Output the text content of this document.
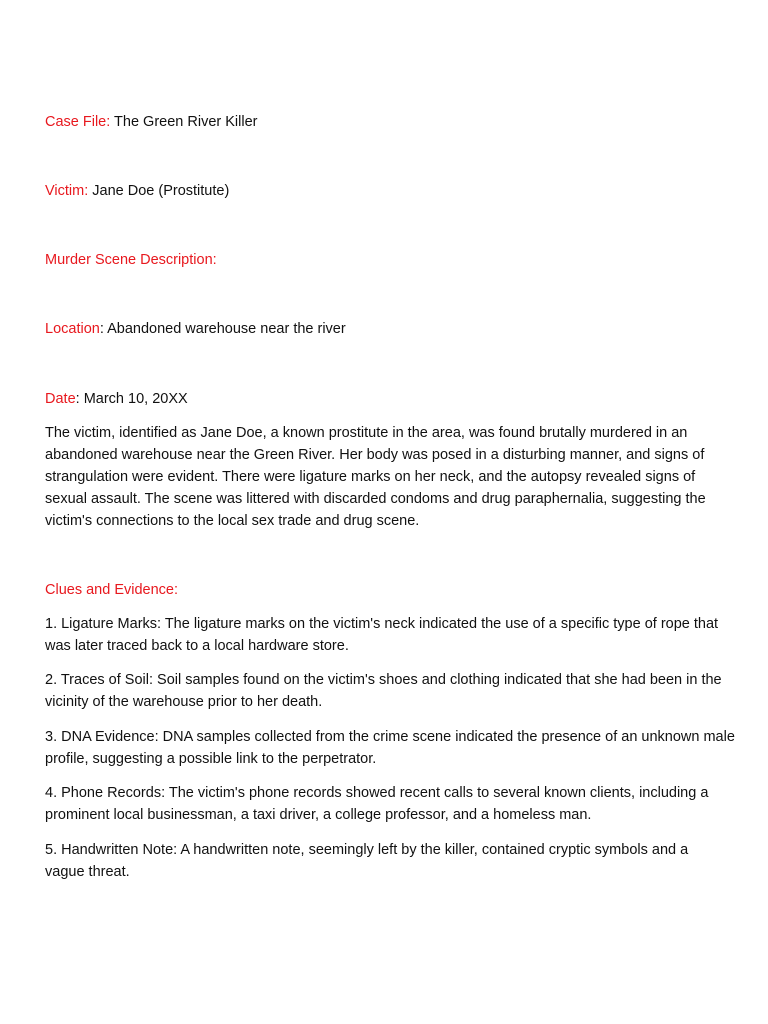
Case File: The Green River Killer
Victim: Jane Doe (Prostitute)
Murder Scene Description:
Location: Abandoned warehouse near the river
Date: March 10, 20XX
The victim, identified as Jane Doe, a known prostitute in the area, was found brutally murdered in an
abandoned warehouse near the Green River. Her body was posed in a disturbing manner, and signs of
strangulation were evident. There were ligature marks on her neck, and the autopsy revealed signs of
sexual assault. The scene was littered with discarded condoms and drug paraphernalia, suggesting the
victim's connections to the local sex trade and drug scene.
Clues and Evidence:
1. Ligature Marks: The ligature marks on the victim's neck indicated the use of a specific type of rope that
was later traced back to a local hardware store.
2. Traces of Soil: Soil samples found on the victim's shoes and clothing indicated that she had been in the
vicinity of the warehouse prior to her death.
3. DNA Evidence: DNA samples collected from the crime scene indicated the presence of an unknown male
profile, suggesting a possible link to the perpetrator.
4. Phone Records: The victim's phone records showed recent calls to several known clients, including a
prominent local businessman, a taxi driver, a college professor, and a homeless man.
5. Handwritten Note: A handwritten note, seemingly left by the killer, contained cryptic symbols and a
vague threat.
